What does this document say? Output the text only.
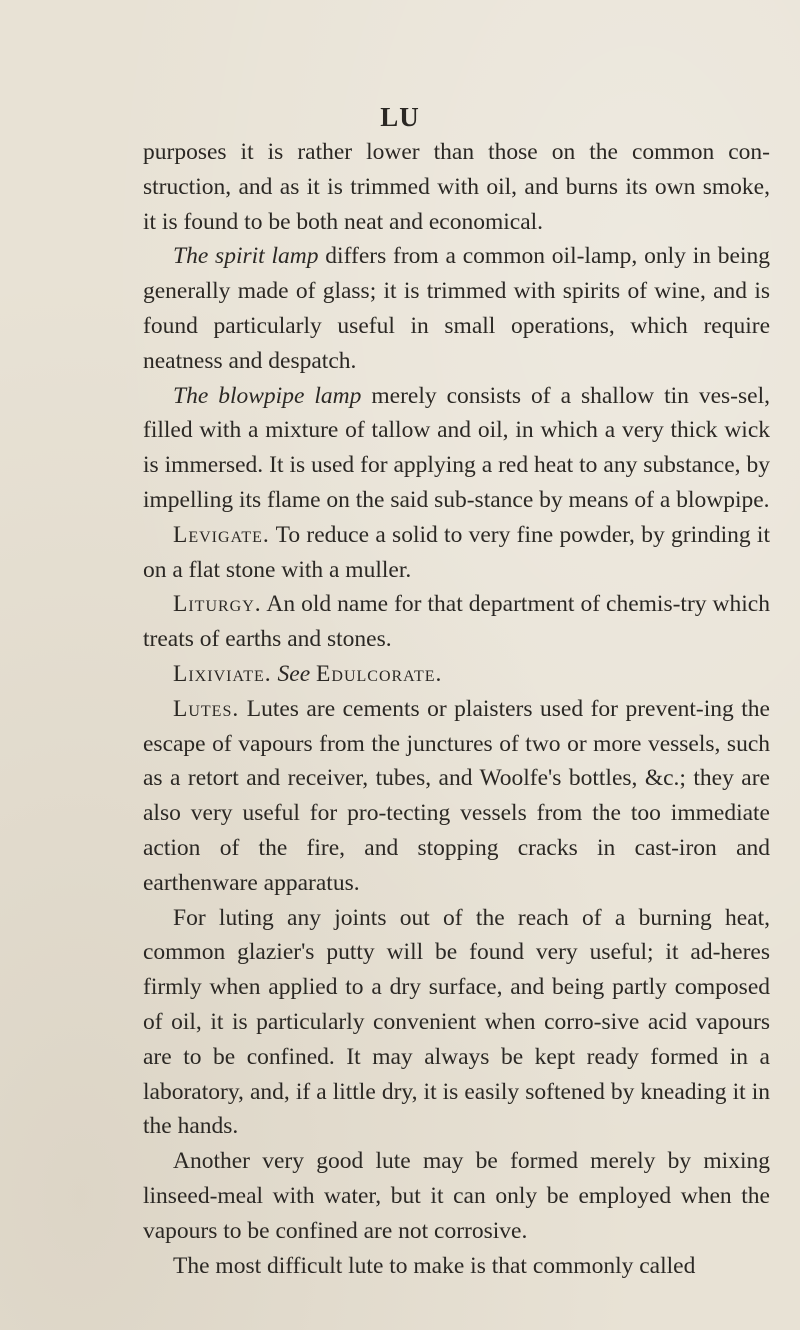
LU

purposes it is rather lower than those on the common con-struction, and as it is trimmed with oil, and burns its own smoke, it is found to be both neat and economical.

The spirit lamp differs from a common oil-lamp, only in being generally made of glass; it is trimmed with spirits of wine, and is found particularly useful in small operations, which require neatness and despatch.

The blowpipe lamp merely consists of a shallow tin ves-sel, filled with a mixture of tallow and oil, in which a very thick wick is immersed. It is used for applying a red heat to any substance, by impelling its flame on the said sub-stance by means of a blowpipe.

Levigate. To reduce a solid to very fine powder, by grinding it on a flat stone with a muller.

Liturgy. An old name for that department of chemis-try which treats of earths and stones.

Lixiviate. See Edulcorate.

Lutes. Lutes are cements or plaisters used for prevent-ing the escape of vapours from the junctures of two or more vessels, such as a retort and receiver, tubes, and Woolfe's bottles, &c.; they are also very useful for pro-tecting vessels from the too immediate action of the fire, and stopping cracks in cast-iron and earthenware apparatus.

For luting any joints out of the reach of a burning heat, common glazier's putty will be found very useful; it ad-heres firmly when applied to a dry surface, and being partly composed of oil, it is particularly convenient when corro-sive acid vapours are to be confined. It may always be kept ready formed in a laboratory, and, if a little dry, it is easily softened by kneading it in the hands.

Another very good lute may be formed merely by mixing linseed-meal with water, but it can only be employed when the vapours to be confined are not corrosive.

The most difficult lute to make is that commonly called
